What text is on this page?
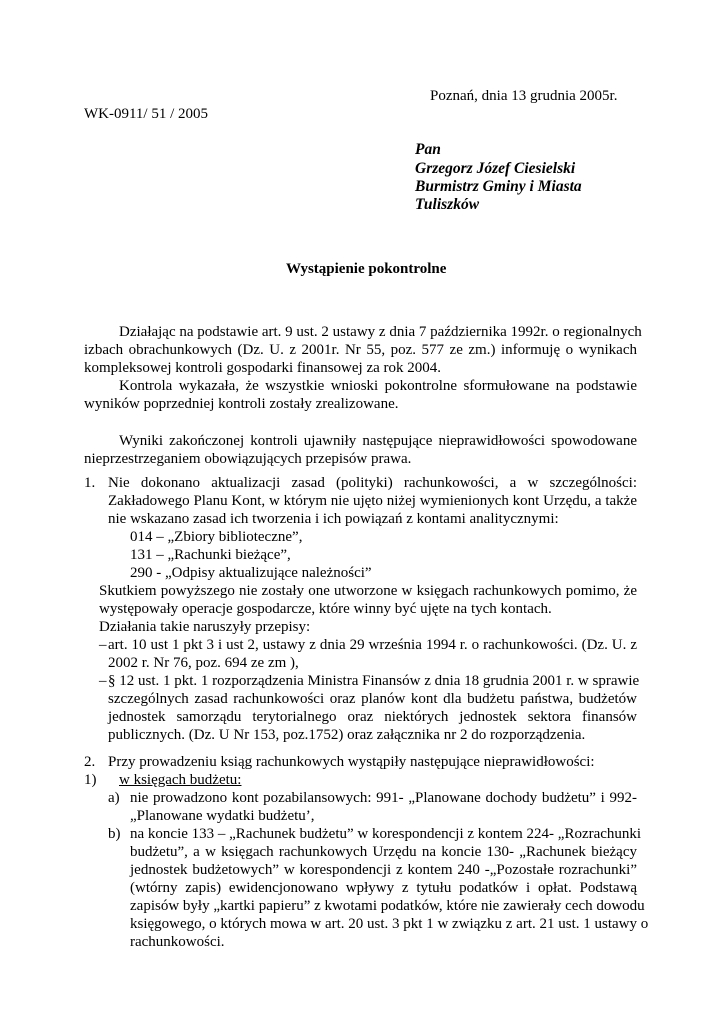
Poznań, dnia 13 grudnia 2005r.
WK-0911/ 51 / 2005
Pan
Grzegorz Józef Ciesielski
Burmistrz Gminy i Miasta
Tuliszków
Wystąpienie pokontrolne
Działając na podstawie art. 9 ust. 2 ustawy z dnia 7 października 1992r. o regionalnych
izbach obrachunkowych (Dz. U. z 2001r. Nr 55, poz. 577 ze zm.) informuję o wynikach
kompleksowej kontroli gospodarki finansowej za rok 2004.
Kontrola wykazała, że wszystkie wnioski pokontrolne sformułowane na podstawie
wyników poprzedniej kontroli zostały zrealizowane.
Wyniki zakończonej kontroli ujawniły następujące nieprawidłowości spowodowane
nieprzestrzeganiem obowiązujących przepisów prawa.
1. Nie dokonano aktualizacji zasad (polityki) rachunkowości, a w szczególności:
Zakładowego Planu Kont, w którym nie ujęto niżej wymienionych kont Urzędu, a także
nie wskazano zasad ich tworzenia i ich powiązań z kontami analitycznymi:
014 – „Zbiory biblioteczne”,
131 – „Rachunki bieżące”,
290 - „Odpisy aktualizujące należności”
Skutkiem powyższego nie zostały one utworzone w księgach rachunkowych pomimo, że
występowały operacje gospodarcze, które winny być ujęte na tych kontach.
Działania takie naruszyły przepisy:
– art. 10 ust 1 pkt 3 i ust 2, ustawy z dnia 29 września 1994 r. o rachunkowości. (Dz. U. z
2002 r. Nr 76, poz. 694 ze zm ),
– § 12 ust. 1 pkt. 1 rozporządzenia Ministra Finansów z dnia 18 grudnia 2001 r. w sprawie
szczególnych zasad rachunkowości oraz planów kont dla budżetu państwa, budżetów
jednostek samorządu terytorialnego oraz niektórych jednostek sektora finansów
publicznych. (Dz. U Nr 153, poz.1752) oraz załącznika nr 2 do rozporządzenia.
2. Przy prowadzeniu ksiąg rachunkowych wystąpiły następujące nieprawidłowości:
1) w księgach budżetu:
a) nie prowadzono kont pozabilansowych: 991- „Planowane dochody budżetu” i 992-
„Planowane wydatki budżetu’,
b) na koncie 133 – „Rachunek budżetu” w korespondencji z kontem 224- „Rozrachunki
budżetu”, a w księgach rachunkowych Urzędu na koncie 130- „Rachunek bieżący
jednostek budżetowych” w korespondencji z kontem 240 -„Pozostałe rozrachunki”
(wtórny zapis) ewidencjonowano wpływy z tytułu podatków i opłat. Podstawą
zapisów były „kartki papieru” z kwotami podatków, które nie zawierały cech dowodu
księgowego, o których mowa w art. 20 ust. 3 pkt 1 w związku z art. 21 ust. 1 ustawy o
rachunkowości.
